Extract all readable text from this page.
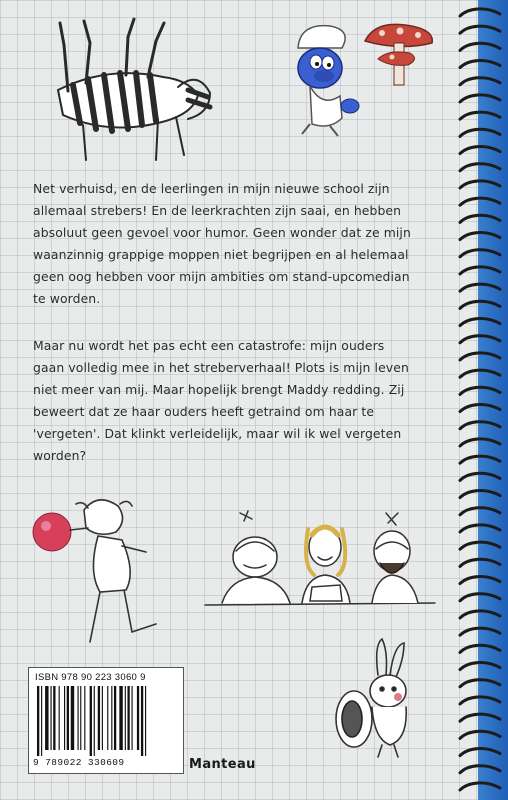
Net verhuisd, en de leerlingen in mijn nieuwe school zijn allemaal strebers! En de leerkrachten zijn saai, en hebben absoluut geen gevoel voor humor. Geen wonder dat ze mijn waanzinnig grappige moppen niet begrijpen en al helemaal geen oog hebben voor mijn ambities om stand-upcomedian te worden.

Maar nu wordt het pas echt een catastrofe: mijn ouders gaan volledig mee in het streberverhaal! Plots is mijn leven niet meer van mij. Maar hopelijk brengt Maddy redding. Zij beweert dat ze haar ouders heeft getraind om haar te 'vergeten'. Dat klinkt verleidelijk, maar wil ik wel vergeten worden?

ISBN 978 90 223 3060 9
9 789022 330609	Manteau
